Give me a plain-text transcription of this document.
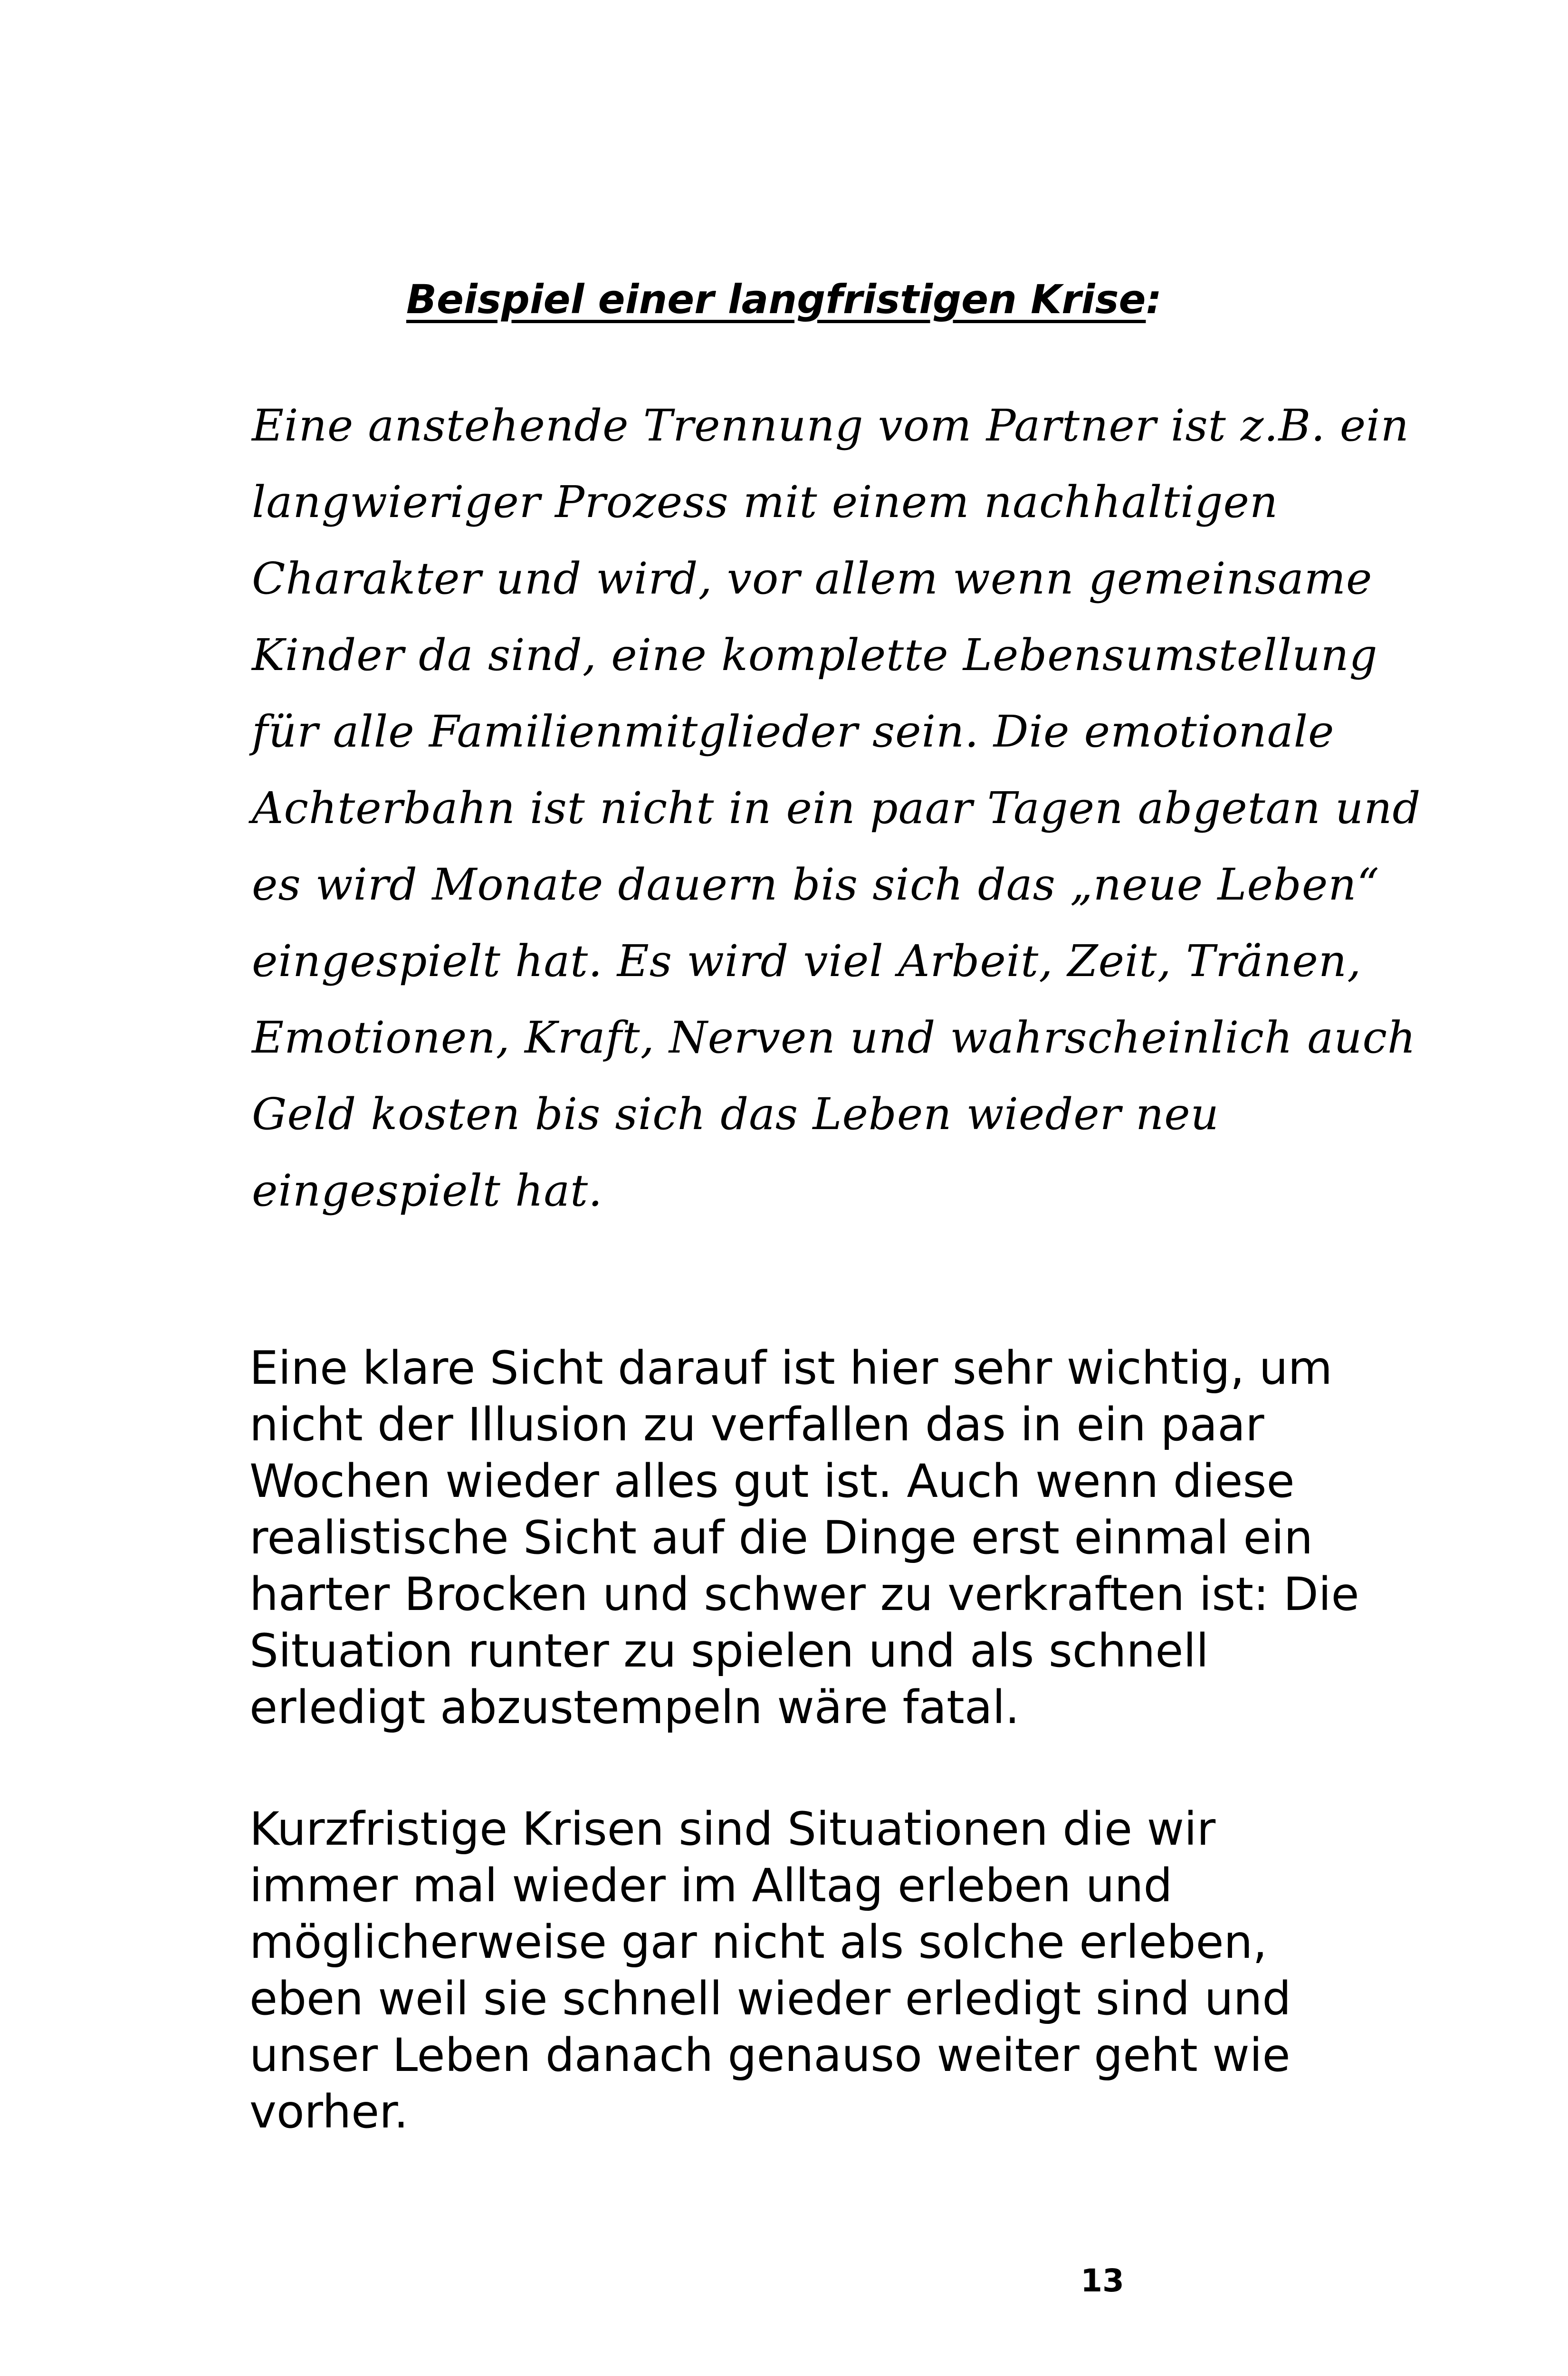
Beispiel einer langfristigen Krise:
Eine anstehende Trennung vom Partner ist z.B. ein
langwieriger Prozess mit einem nachhaltigen
Charakter und wird, vor allem wenn gemeinsame
Kinder da sind, eine komplette Lebensumstellung
für alle Familienmitglieder sein. Die emotionale
Achterbahn ist nicht in ein paar Tagen abgetan und
es wird Monate dauern bis sich das „neue Leben“
eingespielt hat. Es wird viel Arbeit, Zeit, Tränen,
Emotionen, Kraft, Nerven und wahrscheinlich auch
Geld kosten bis sich das Leben wieder neu
eingespielt hat.
Eine klare Sicht darauf ist hier sehr wichtig, um
nicht der Illusion zu verfallen das in ein paar
Wochen wieder alles gut ist. Auch wenn diese
realistische Sicht auf die Dinge erst einmal ein
harter Brocken und schwer zu verkraften ist: Die
Situation runter zu spielen und als schnell
erledigt abzustempeln wäre fatal.
Kurzfristige Krisen sind Situationen die wir
immer mal wieder im Alltag erleben und
möglicherweise gar nicht als solche erleben,
eben weil sie schnell wieder erledigt sind und
unser Leben danach genauso weiter geht wie
vorher.
13
